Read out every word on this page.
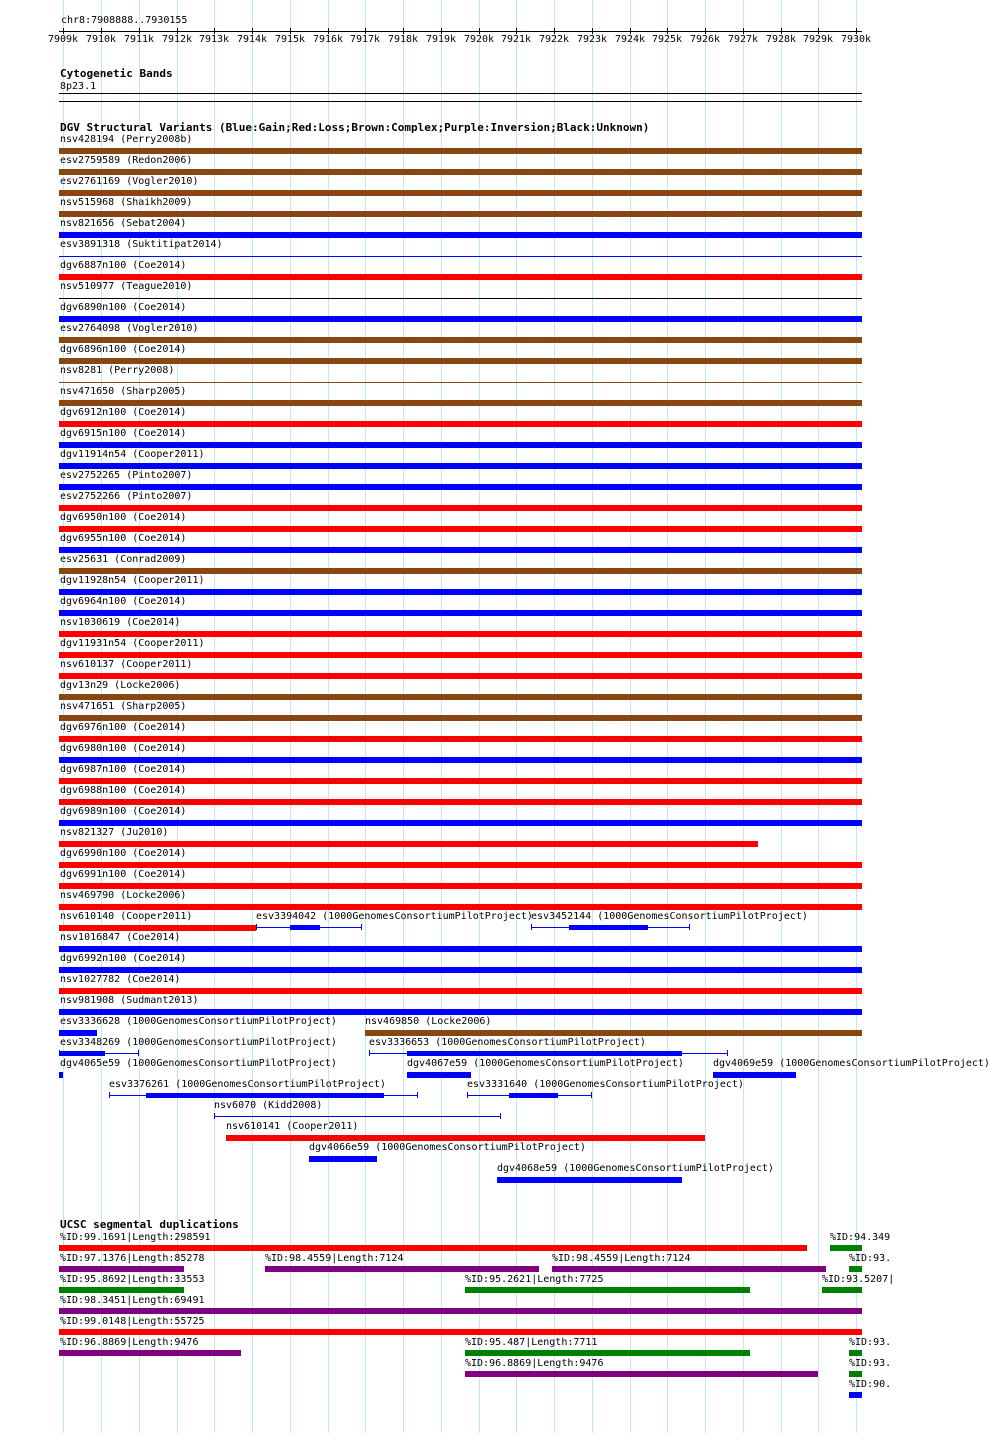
chr8:7908888..7930155
Cytogenetic Bands
8p23.1
DGV Structural Variants (Blue:Gain;Red:Loss;Brown:Complex;Purple:Inversion;Black:Unknown)
UCSC segmental duplications
7909k 7910k 7911k 7912k 7913k 7914k 7915k 7916k 7917k 7918k 7919k 7920k 7921k 7922k 7923k 7924k 7925k 7926k 7927k 7928k 7929k 7930k
nsv428194 (Perry2008b)
esv2759589 (Redon2006)
esv2761169 (Vogler2010)
nsv515968 (Shaikh2009)
nsv821656 (Sebat2004)
esv3891318 (Suktitipat2014)
dgv6887n100 (Coe2014)
nsv510977 (Teague2010)
dgv6890n100 (Coe2014)
esv2764098 (Vogler2010)
dgv6896n100 (Coe2014)
nsv8281 (Perry2008)
nsv471650 (Sharp2005)
dgv6912n100 (Coe2014)
dgv6915n100 (Coe2014)
dgv11914n54 (Cooper2011)
esv2752265 (Pinto2007)
esv2752266 (Pinto2007)
dgv6950n100 (Coe2014)
dgv6955n100 (Coe2014)
esv25631 (Conrad2009)
dgv11928n54 (Cooper2011)
dgv6964n100 (Coe2014)
nsv1030619 (Coe2014)
dgv11931n54 (Cooper2011)
nsv610137 (Cooper2011)
dgv13n29 (Locke2006)
nsv471651 (Sharp2005)
dgv6976n100 (Coe2014)
dgv6980n100 (Coe2014)
dgv6987n100 (Coe2014)
dgv6988n100 (Coe2014)
dgv6989n100 (Coe2014)
nsv821327 (Ju2010)
dgv6990n100 (Coe2014)
dgv6991n100 (Coe2014)
nsv469790 (Locke2006)
nsv610140 (Cooper2011)	esv3394042 (1000GenomesConsortiumPilotProject)
esv3452144 (1000GenomesConsortiumPilotProject)
nsv1016847 (Coe2014)
dgv6992n100 (Coe2014)
nsv1027782 (Coe2014)
nsv981908 (Sudmant2013)
esv3336628 (1000GenomesConsortiumPilotProject)	nsv469850 (Locke2006)
esv3348269 (1000GenomesConsortiumPilotProject)	esv3336653 (1000GenomesConsortiumPilotProject)
dgv4065e59 (1000GenomesConsortiumPilotProject)	dgv4067e59 (1000GenomesConsortiumPilotProject)	dgv4069e59 (1000GenomesConsortiumPilotProject)
esv3376261 (1000GenomesConsortiumPilotProject)	esv3331640 (1000GenomesConsortiumPilotProject)
nsv6070 (Kidd2008)
nsv610141 (Cooper2011)
dgv4066e59 (1000GenomesConsortiumPilotProject)
dgv4068e59 (1000GenomesConsortiumPilotProject)
%ID:99.1691|Length:298591	%ID:94.349
%ID:97.1376|Length:85278	%ID:98.4559|Length:7124	%ID:98.4559|Length:7124	%ID:93.
%ID:95.8692|Length:33553	%ID:95.2621|Length:7725	%ID:93.5207|
%ID:98.3451|Length:69491
%ID:99.0148|Length:55725
%ID:96.8869|Length:9476	%ID:95.487|Length:7711	%ID:93.
%ID:96.8869|Length:9476	%ID:93.
%ID:90.
